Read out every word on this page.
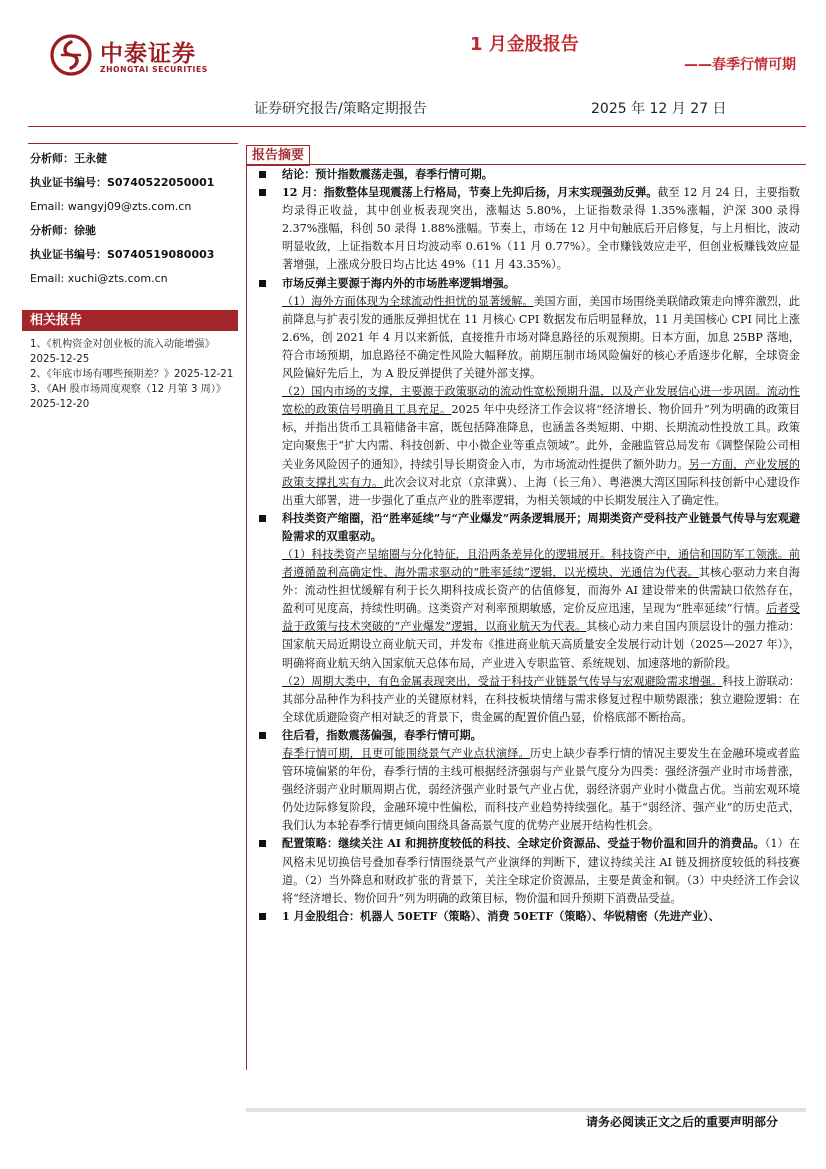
中泰证券
ZHONGTAI SECURITIES
1 月金股报告
——春季行情可期
证券研究报告/策略定期报告	2025 年 12 月 27 日
分析师：王永健
执业证书编号：S0740522050001
Email: wangyj09@zts.com.cn
分析师：徐驰
执业证书编号：S0740519080003
Email: xuchi@zts.com.cn
相关报告
1、《机构资金对创业板的流入动能增强》2025-12-25
2、《年底市场有哪些预期差？》2025-12-21
3、《AH 股市场周度观察（12 月第 3 周）》2025-12-20
报告摘要
结论：预计指数震荡走强，春季行情可期。
12 月：指数整体呈现震荡上行格局，节奏上先抑后扬，月末实现强劲反弹。截至 12 月 24 日，主要指数均录得正收益，其中创业板表现突出，涨幅达 5.80%，上证指数录得 1.35%涨幅，沪深 300 录得 2.37%涨幅，科创 50 录得 1.88%涨幅。节奏上，市场在 12 月中旬触底后开启修复，与上月相比，波动明显收敛，上证指数本月日均波动率 0.61%（11 月 0.77%）。全市赚钱效应走平，但创业板赚钱效应显著增强，上涨成分股日均占比达 49%（11 月 43.35%）。
市场反弹主要源于海内外的市场胜率逻辑增强。
（1）海外方面体现为全球流动性担忧的显著缓解。美国方面，美国市场围绕美联储政策走向博弈激烈，此前降息与扩表引发的通胀反弹担忧在 11 月核心 CPI 数据发布后明显释放，11 月美国核心 CPI 同比上涨 2.6%，创 2021 年 4 月以来新低，直接推升市场对降息路径的乐观预期。日本方面，加息 25BP 落地，符合市场预期，加息路径不确定性风险大幅释放。前期压制市场风险偏好的核心矛盾逐步化解，全球资金风险偏好先后上，为 A 股反弹提供了关键外部支撑。
（2）国内市场的支撑，主要源于政策驱动的流动性宽松预期升温，以及产业发展信心进一步巩固。流动性宽松的政策信号明确且工具充足。2025 年中央经济工作会议将“经济增长、物价回升”列为明确的政策目标，并指出货币工具箱储备丰富，既包括降准降息，也涵盖各类短期、中期、长期流动性投放工具。政策定向聚焦于“扩大内需、科技创新、中小微企业等重点领域”。此外，金融监管总局发布《调整保险公司相关业务风险因子的通知》，持续引导长期资金入市，为市场流动性提供了额外助力。另一方面，产业发展的政策支撑扎实有力。此次会议对北京（京津冀）、上海（长三角）、粤港澳大湾区国际科技创新中心建设作出重大部署，进一步强化了重点产业的胜率逻辑，为相关领域的中长期发展注入了确定性。
科技类资产缩圈，沿“胜率延续”与“产业爆发”两条逻辑展开；周期类资产受科技产业链景气传导与宏观避险需求的双重驱动。
（1）科技类资产呈缩圈与分化特征，且沿两条差异化的逻辑展开。科技资产中，通信和国防军工领涨。前者遵循盈利高确定性、海外需求驱动的“胜率延续”逻辑，以光模块、光通信为代表。其核心驱动力来自海外：流动性担忧缓解有利于长久期科技成长资产的估值修复，而海外 AI 建设带来的供需缺口依然存在，盈利可见度高，持续性明确。这类资产对利率预期敏感，定价反应迅速，呈现为“胜率延续”行情。后者受益于政策与技术突破的“产业爆发”逻辑，以商业航天为代表。其核心动力来自国内顶层设计的强力推动：国家航天局近期设立商业航天司，并发布《推进商业航天高质量安全发展行动计划（2025—2027 年）》，明确将商业航天纳入国家航天总体布局，产业进入专职监管、系统规划、加速落地的新阶段。
（2）周期大类中，有色金属表现突出，受益于科技产业链景气传导与宏观避险需求增强。科技上游联动：其部分品种作为科技产业的关键原材料，在科技板块情绪与需求修复过程中顺势跟涨；独立避险逻辑：在全球优质避险资产相对缺乏的背景下，贵金属的配置价值凸显，价格底部不断抬高。
往后看，指数震荡偏强，春季行情可期。
春季行情可期，且更可能围绕景气产业点状演绎。历史上缺少春季行情的情况主要发生在金融环境或者监管环境偏紧的年份，春季行情的主线可根据经济强弱与产业景气度分为四类：强经济强产业时市场普涨，强经济弱产业时顺周期占优，弱经济强产业时景气产业占优，弱经济弱产业时小微盘占优。当前宏观环境仍处边际修复阶段，金融环境中性偏松，而科技产业趋势持续强化。基于“弱经济、强产业”的历史范式，我们认为本轮春季行情更倾向围绕具备高景气度的优势产业展开结构性机会。
配置策略：继续关注 AI 和拥挤度较低的科技、全球定价资源品、受益于物价温和回升的消费品。（1）在风格未见切换信号叠加春季行情围绕景气产业演绎的判断下，建议持续关注 AI 链及拥挤度较低的科技赛道。（2）当外降息和财政扩张的背景下，关注全球定价资源品，主要是黄金和铜。（3）中央经济工作会议将“经济增长、物价回升”列为明确的政策目标，物价温和回升预期下消费品受益。
1 月金股组合：机器人 50ETF（策略）、消费 50ETF（策略）、华锐精密（先进产业）、
请务必阅读正文之后的重要声明部分
